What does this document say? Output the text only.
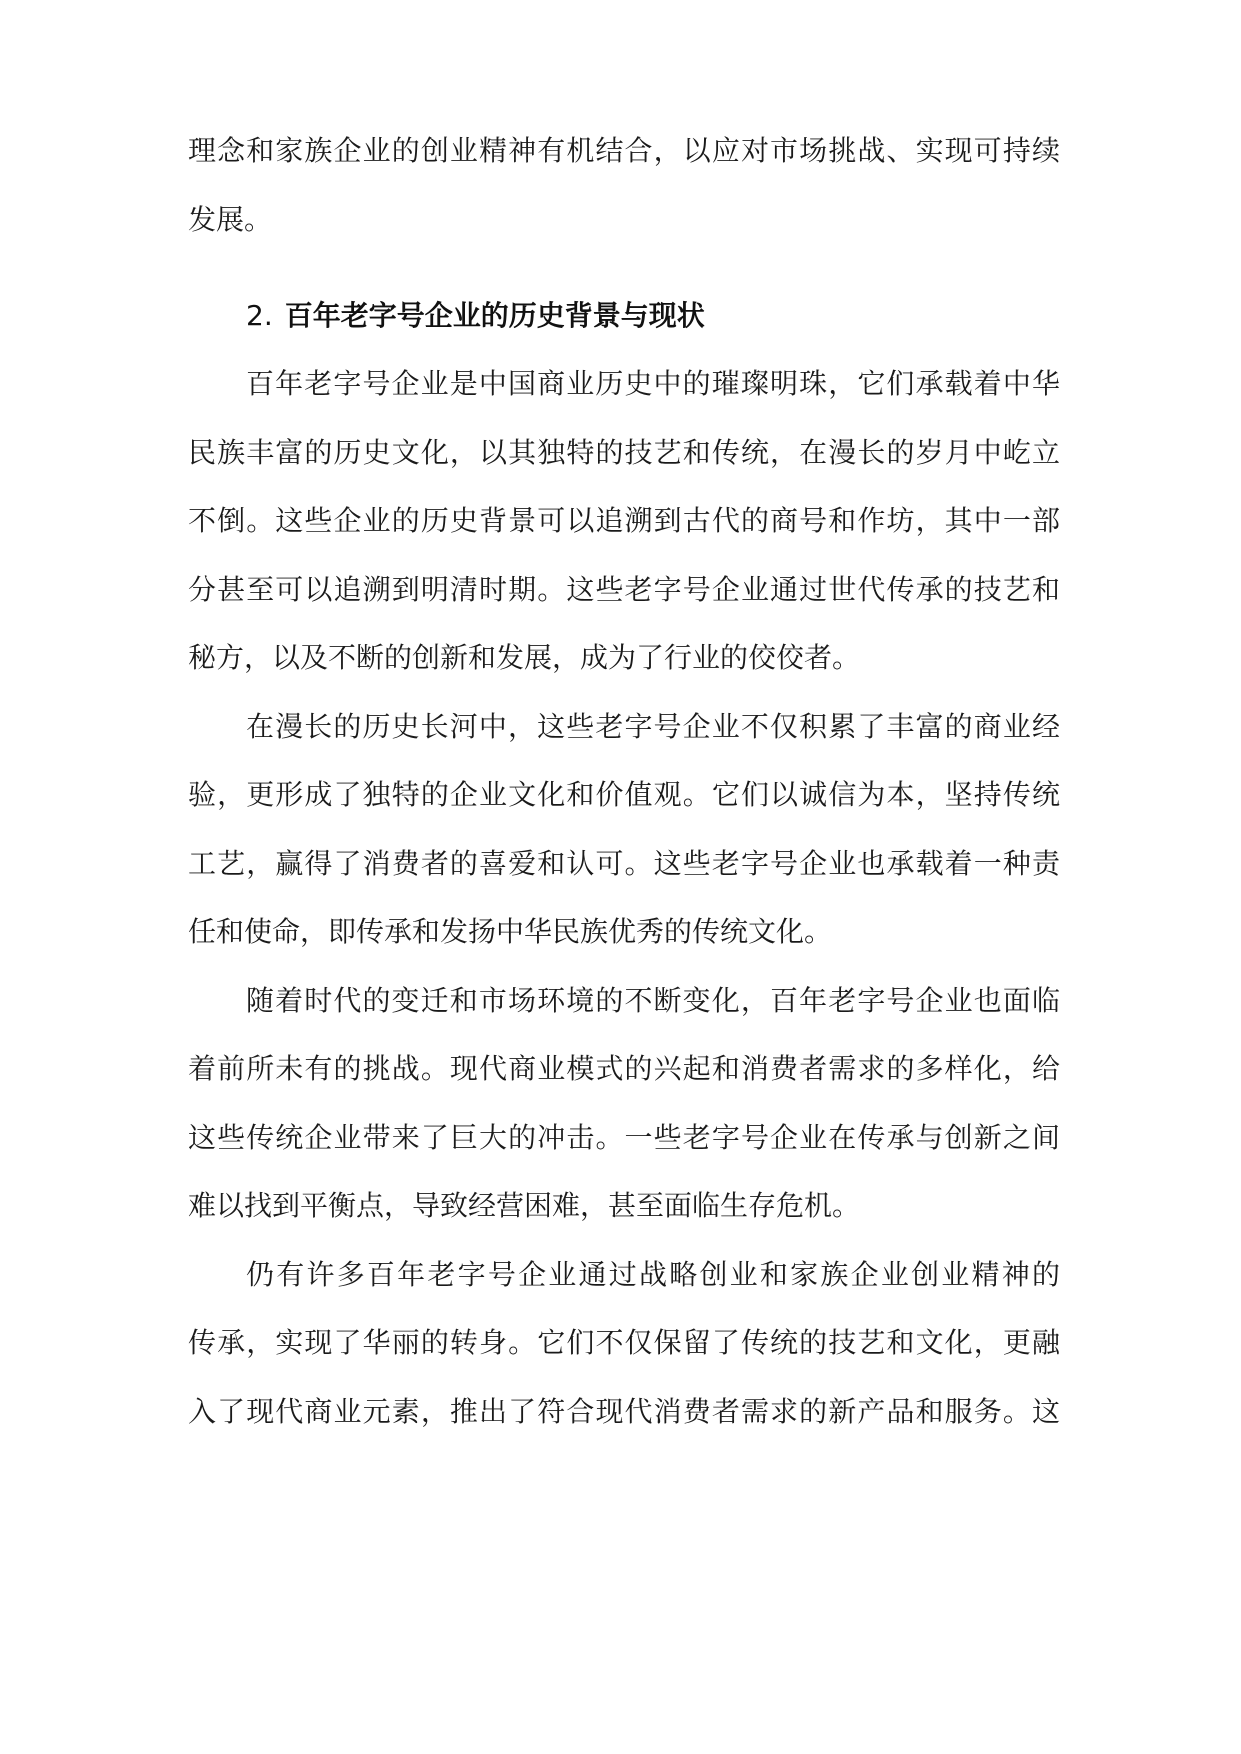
理念和家族企业的创业精神有机结合，以应对市场挑战、实现可持续
发展。
2. 百年老字号企业的历史背景与现状
百年老字号企业是中国商业历史中的璀璨明珠，它们承载着中华
民族丰富的历史文化，以其独特的技艺和传统，在漫长的岁月中屹立
不倒。这些企业的历史背景可以追溯到古代的商号和作坊，其中一部
分甚至可以追溯到明清时期。这些老字号企业通过世代传承的技艺和
秘方，以及不断的创新和发展，成为了行业的佼佼者。
在漫长的历史长河中，这些老字号企业不仅积累了丰富的商业经
验，更形成了独特的企业文化和价值观。它们以诚信为本，坚持传统
工艺，赢得了消费者的喜爱和认可。这些老字号企业也承载着一种责
任和使命，即传承和发扬中华民族优秀的传统文化。
随着时代的变迁和市场环境的不断变化，百年老字号企业也面临
着前所未有的挑战。现代商业模式的兴起和消费者需求的多样化，给
这些传统企业带来了巨大的冲击。一些老字号企业在传承与创新之间
难以找到平衡点，导致经营困难，甚至面临生存危机。
仍有许多百年老字号企业通过战略创业和家族企业创业精神的
传承，实现了华丽的转身。它们不仅保留了传统的技艺和文化，更融
入了现代商业元素，推出了符合现代消费者需求的新产品和服务。这
